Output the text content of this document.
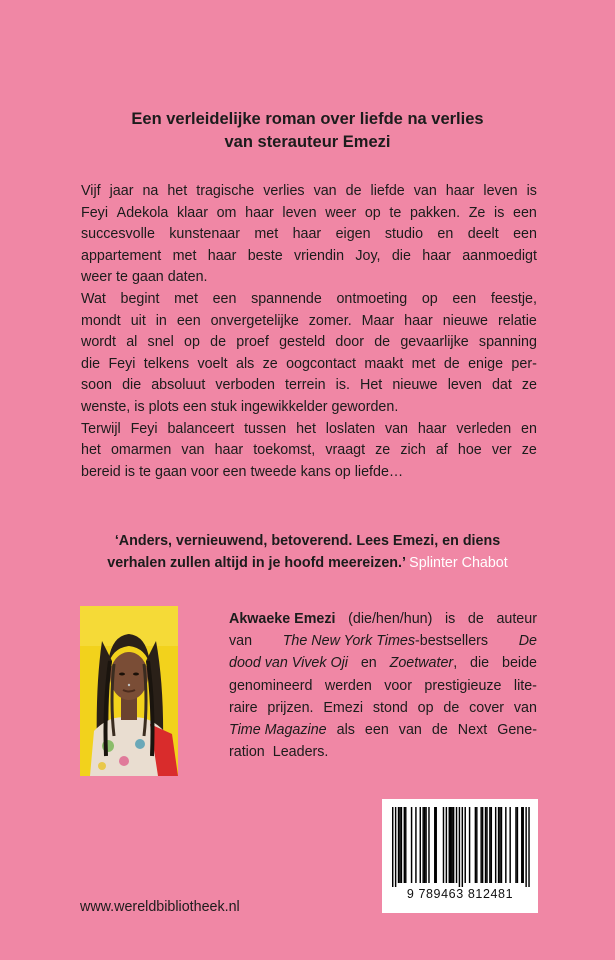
Een verleidelijke roman over liefde na verlies
van sterauteur Emezi
Vijf jaar na het tragische verlies van de liefde van haar leven is
Feyi Adekola klaar om haar leven weer op te pakken. Ze is een
succesvolle kunstenaar met haar eigen studio en deelt een
appartement met haar beste vriendin Joy, die haar aanmoedigt
weer te gaan daten.
Wat begint met een spannende ontmoeting op een feestje,
mondt uit in een onvergetelijke zomer. Maar haar nieuwe relatie
wordt al snel op de proef gesteld door de gevaarlijke spanning
die Feyi telkens voelt als ze oogcontact maakt met de enige per-
soon die absoluut verboden terrein is. Het nieuwe leven dat ze
wenste, is plots een stuk ingewikkelder geworden.
Terwijl Feyi balanceert tussen het loslaten van haar verleden en
het omarmen van haar toekomst, vraagt ze zich af hoe ver ze
bereid is te gaan voor een tweede kans op liefde…
‘Anders, vernieuwend, betoverend. Lees Emezi, en diens
verhalen zullen altijd in je hoofd meereizen.’ Splinter Chabot
Akwaeke Emezi (die/hen/hun) is de auteur
van The New York Times-bestsellers De
dood van Vivek Oji en Zoetwater, die beide
genomineerd werden voor prestigieuze lite-
raire prijzen. Emezi stond op de cover van
Time Magazine als een van de Next Gene-
ration Leaders.
9 789463 812481
www.wereldbibliotheek.nl
